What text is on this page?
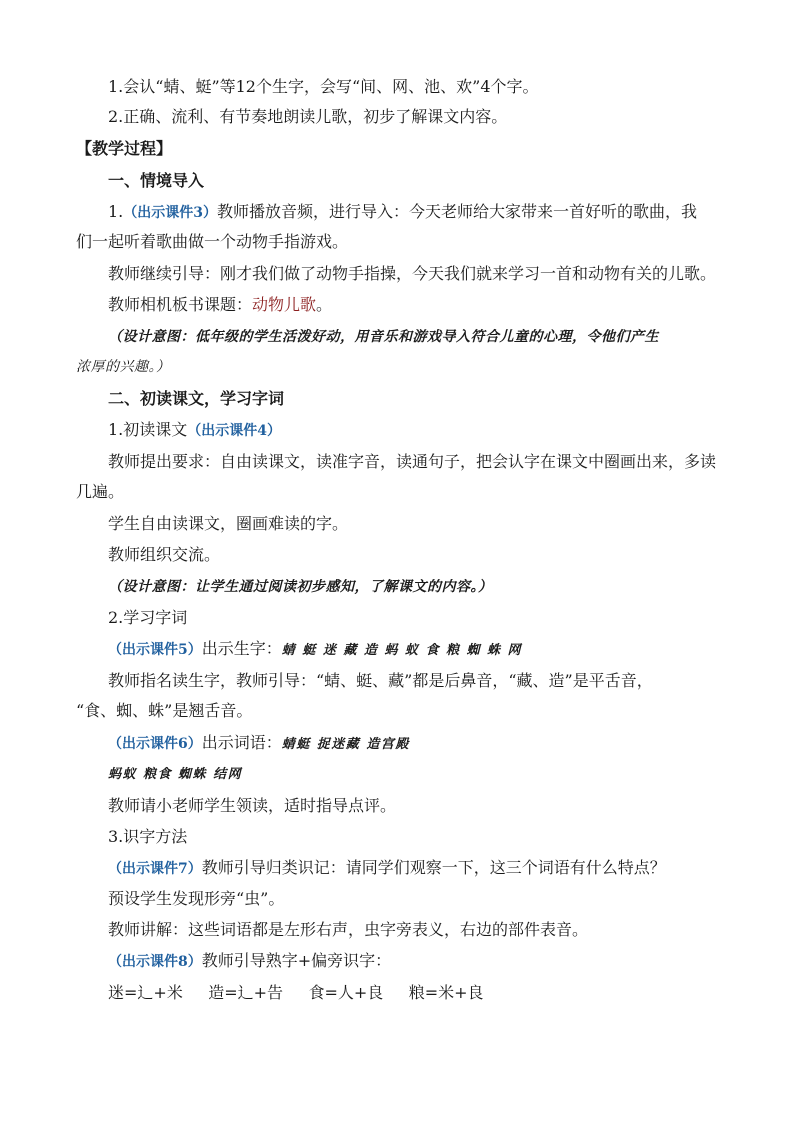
1.会认“蜻、蜓”等12个生字，会写“间、网、池、欢”4个字。
2.正确、流利、有节奏地朗读儿歌，初步了解课文内容。
【教学过程】
一、情境导入
1.（出示课件3）教师播放音频，进行导入：今天老师给大家带来一首好听的歌曲，我
们一起听着歌曲做一个动物手指游戏。
教师继续引导：刚才我们做了动物手指操，今天我们就来学习一首和动物有关的儿歌。
教师相机板书课题：动物儿歌。
（设计意图：低年级的学生活泼好动，用音乐和游戏导入符合儿童的心理，令他们产生
浓厚的兴趣。）
二、初读课文，学习字词
1.初读课文（出示课件4）
教师提出要求：自由读课文，读准字音，读通句子，把会认字在课文中圈画出来，多读
几遍。
学生自由读课文，圈画难读的字。
教师组织交流。
（设计意图：让学生通过阅读初步感知，了解课文的内容。）
2.学习字词
（出示课件5）出示生字：蜻 蜓 迷 藏 造 蚂 蚁 食 粮 蜘 蛛 网
教师指名读生字，教师引导：“蜻、蜓、藏”都是后鼻音，“藏、造”是平舌音，
“食、蜘、蛛”是翘舌音。
（出示课件6）出示词语：蜻蜓 捉迷藏 造宫殿
蚂蚁 粮食 蜘蛛 结网
教师请小老师学生领读，适时指导点评。
3.识字方法
（出示课件7）教师引导归类识记：请同学们观察一下，这三个词语有什么特点？
预设学生发现形旁“虫”。
教师讲解：这些词语都是左形右声，虫字旁表义，右边的部件表音。
（出示课件8）教师引导熟字+偏旁识字：
迷=辶+米     造=辶+告     食=人+良     粮=米+良
